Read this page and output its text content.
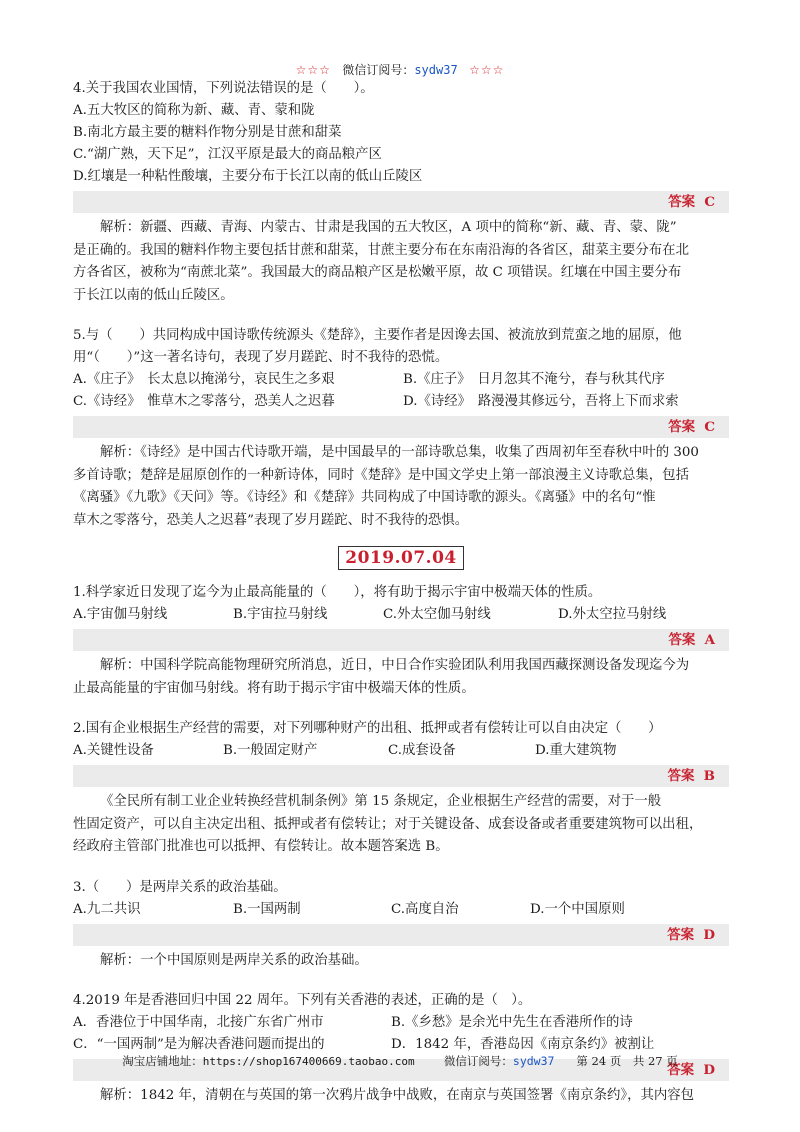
☆☆☆ 微信订阅号：sydw37 ☆☆☆

4.关于我国农业国情，下列说法错误的是（　　）。

A.五大牧区的简称为新、藏、青、蒙和陇

B.南北方最主要的糖料作物分别是甘蔗和甜菜

C.“湖广熟，天下足”，江汉平原是最大的商品粮产区

D.红壤是一种粘性酸壤，主要分布于长江以南的低山丘陵区

答案 C

解析：新疆、西藏、青海、内蒙古、甘肃是我国的五大牧区，A 项中的简称“新、藏、青、蒙、陇”

是正确的。我国的糖料作物主要包括甘蔗和甜菜，甘蔗主要分布在东南沿海的各省区，甜菜主要分布在北

方各省区，被称为“南蔗北菜”。我国最大的商品粮产区是松嫩平原，故 C 项错误。红壤在中国主要分布

于长江以南的低山丘陵区。

5.与（　　）共同构成中国诗歌传统源头《楚辞》，主要作者是因谗去国、被流放到荒蛮之地的屈原，他

用“（　　）”这一著名诗句，表现了岁月蹉跎、时不我待的恐慌。

A.《庄子》　长太息以掩涕兮，哀民生之多艰	B.《庄子》　日月忽其不淹兮，春与秋其代序
C.《诗经》　惟草木之零落兮，恐美人之迟暮	D.《诗经》　路漫漫其修远兮，吾将上下而求索
答案 C

解析：《诗经》是中国古代诗歌开端，是中国最早的一部诗歌总集，收集了西周初年至春秋中叶的 300

多首诗歌；楚辞是屈原创作的一种新诗体，同时《楚辞》是中国文学史上第一部浪漫主义诗歌总集，包括

《离骚》《九歌》《天问》等。《诗经》和《楚辞》共同构成了中国诗歌的源头。《离骚》中的名句“惟

草木之零落兮，恐美人之迟暮”表现了岁月蹉跎、时不我待的恐惧。

2019.07.04

1.科学家近日发现了迄今为止最高能量的（　　），将有助于揭示宇宙中极端天体的性质。

A.宇宙伽马射线	B.宇宙拉马射线	C.外太空伽马射线	D.外太空拉马射线
答案 A

解析：中国科学院高能物理研究所消息，近日，中日合作实验团队利用我国西藏探测设备发现迄今为

止最高能量的宇宙伽马射线。将有助于揭示宇宙中极端天体的性质。

2.国有企业根据生产经营的需要，对下列哪种财产的出租、抵押或者有偿转让可以自由决定（　　）

A.关键性设备	B.一般固定财产	C.成套设备	D.重大建筑物
答案 B

《全民所有制工业企业转换经营机制条例》第 15 条规定，企业根据生产经营的需要，对于一般

性固定资产，可以自主决定出租、抵押或者有偿转让；对于关键设备、成套设备或者重要建筑物可以出租，

经政府主管部门批准也可以抵押、有偿转让。故本题答案选 B。

3.（　　）是两岸关系的政治基础。

A.九二共识	B.一国两制	C.高度自治	D.一个中国原则
答案 D

解析：一个中国原则是两岸关系的政治基础。

4.2019 年是香港回归中国 22 周年。下列有关香港的表述，正确的是（　）。

A．香港位于中国华南，北接广东省广州市	B.《乡愁》是余光中先生在香港所作的诗
C．“一国两制”是为解决香港问题而提出的	D．1842 年，香港岛因《南京条约》被割让
答案 D

解析：1842 年，清朝在与英国的第一次鸦片战争中战败，在南京与英国签署《南京条约》，其内容包

淘宝店铺地址：https://shop167400669.taobao.com	微信订阅号：sydw37 第 24 页　共 27 页
